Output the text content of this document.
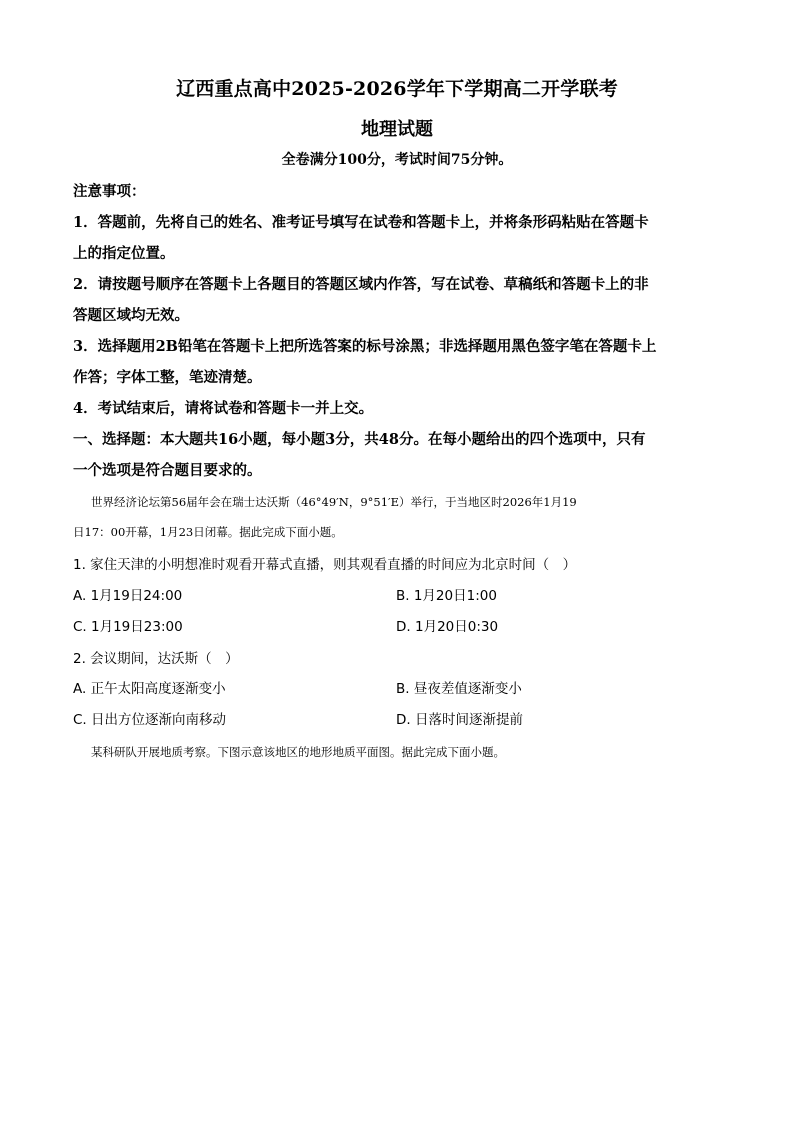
辽西重点高中2025-2026学年下学期高二开学联考
地理试题
全卷满分100分，考试时间75分钟。
注意事项：
1．答题前，先将自己的姓名、准考证号填写在试卷和答题卡上，并将条形码粘贴在答题卡
上的指定位置。
2．请按题号顺序在答题卡上各题目的答题区域内作答，写在试卷、草稿纸和答题卡上的非
答题区域均无效。
3．选择题用2B铅笔在答题卡上把所选答案的标号涂黑；非选择题用黑色签字笔在答题卡上
作答；字体工整，笔迹清楚。
4．考试结束后，请将试卷和答题卡一并上交。
一、选择题：本大题共16小题，每小题3分，共48分。在每小题给出的四个选项中，只有
一个选项是符合题目要求的。
世界经济论坛第56届年会在瑞士达沃斯（46°49′N，9°51′E）举行，于当地区时2026年1月19
日17：00开幕，1月23日闭幕。据此完成下面小题。
1. 家住天津的小明想准时观看开幕式直播，则其观看直播的时间应为北京时间（　）
A. 1月19日24:00	B. 1月20日1:00
C. 1月19日23:00	D. 1月20日0:30
2. 会议期间，达沃斯（　）
A. 正午太阳高度逐渐变小	B. 昼夜差值逐渐变小
C. 日出方位逐渐向南移动	D. 日落时间逐渐提前
某科研队开展地质考察。下图示意该地区的地形地质平面图。据此完成下面小题。
